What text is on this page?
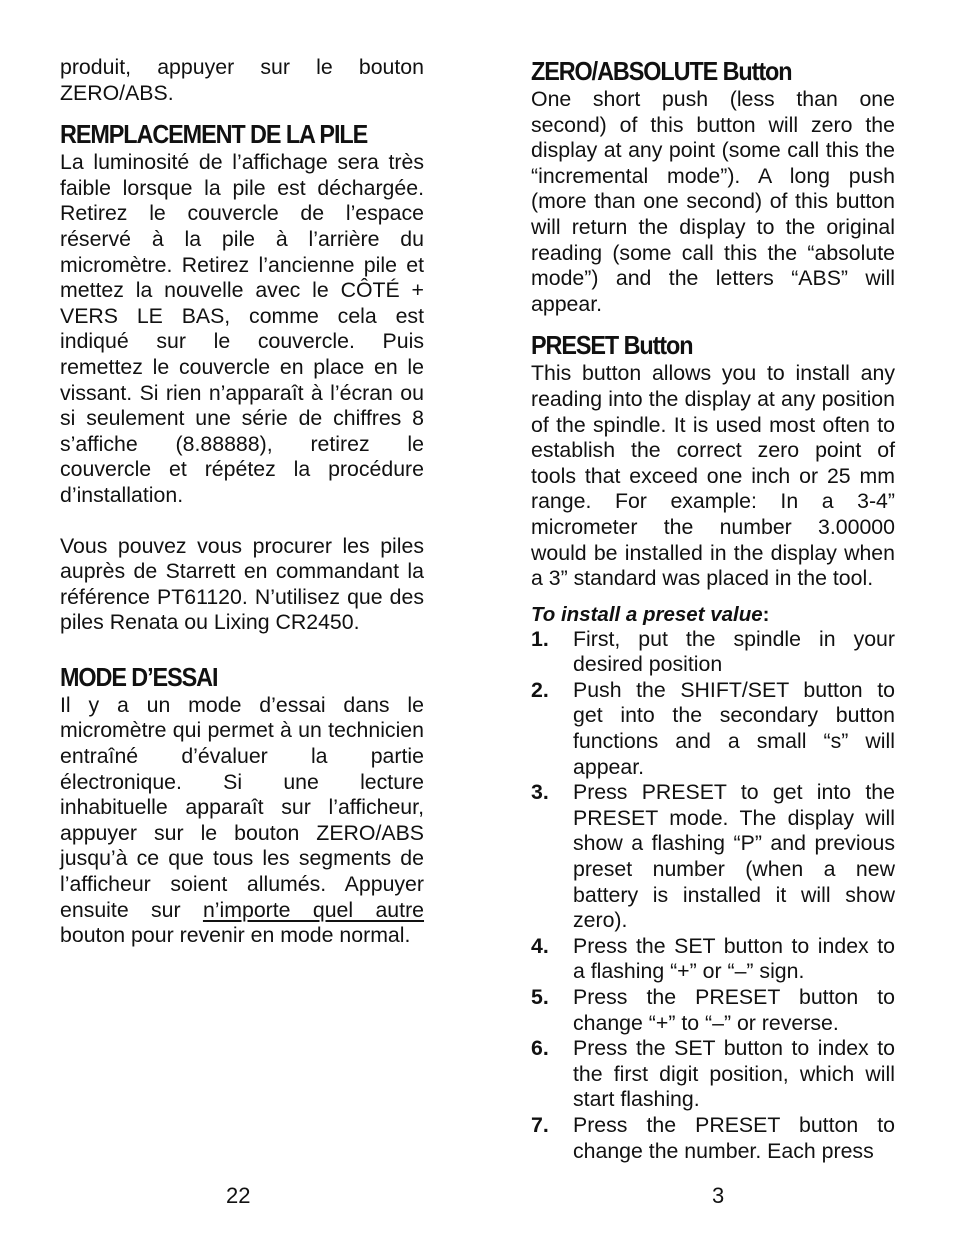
produit, appuyer sur le bouton ZERO/ABS.

REMPLACEMENT DE LA PILE

La luminosité de l’affichage sera très faible lorsque la pile est déchargée. Retirez le couvercle de l’espace réservé à la pile à l’arrière du micromètre. Retirez l’ancienne pile et mettez la nouvelle avec le CÔTÉ + VERS LE BAS, comme cela est indiqué sur le couvercle. Puis remettez le couvercle en place en le vissant. Si rien n’apparaît à l’écran ou si seulement une série de chiffres 8 s’affiche (8.88888), retirez le couvercle et répétez la procédure d’installation.

Vous pouvez vous procurer les piles auprès de Starrett en commandant la référence PT61120. N’utilisez que des piles Renata ou Lixing CR2450.

MODE D’ESSAI

Il y a un mode d’essai dans le micromètre qui permet à un technicien entraîné d’évaluer la partie électronique. Si une lecture inhabituelle apparaît sur l’afficheur, appuyer sur le bouton ZERO/ABS jusqu’à ce que tous les segments de l’afficheur soient allumés. Appuyer ensuite sur n’importe quel autre bouton pour revenir en mode normal.

ZERO/ABSOLUTE Button

One short push (less than one second) of this button will zero the display at any point (some call this the “incremental mode”). A long push (more than one second) of this button will return the display to the original reading (some call this the “absolute mode”) and the letters “ABS” will appear.

PRESET Button

This button allows you to install any reading into the display at any position of the spindle. It is used most often to establish the correct zero point of tools that exceed one inch or 25 mm range. For example: In a 3-4” micrometer the number 3.00000 would be installed in the display when a 3” standard was placed in the tool.

To install a preset value:
1.	First, put the spindle in your desired position
2.	Push the SHIFT/SET button to get into the secondary button functions and a small “s” will appear.
3.	Press PRESET to get into the PRESET mode. The display will show a flashing “P” and previous preset number (when a new battery is installed it will show zero).
4.	Press the SET button to index to a flashing “+” or “–” sign.
5.	Press the PRESET button to change “+” to “–” or reverse.
6.	Press the SET button to index to the first digit position, which will start flashing.
7.	Press the PRESET button to change the number. Each press
22	3
